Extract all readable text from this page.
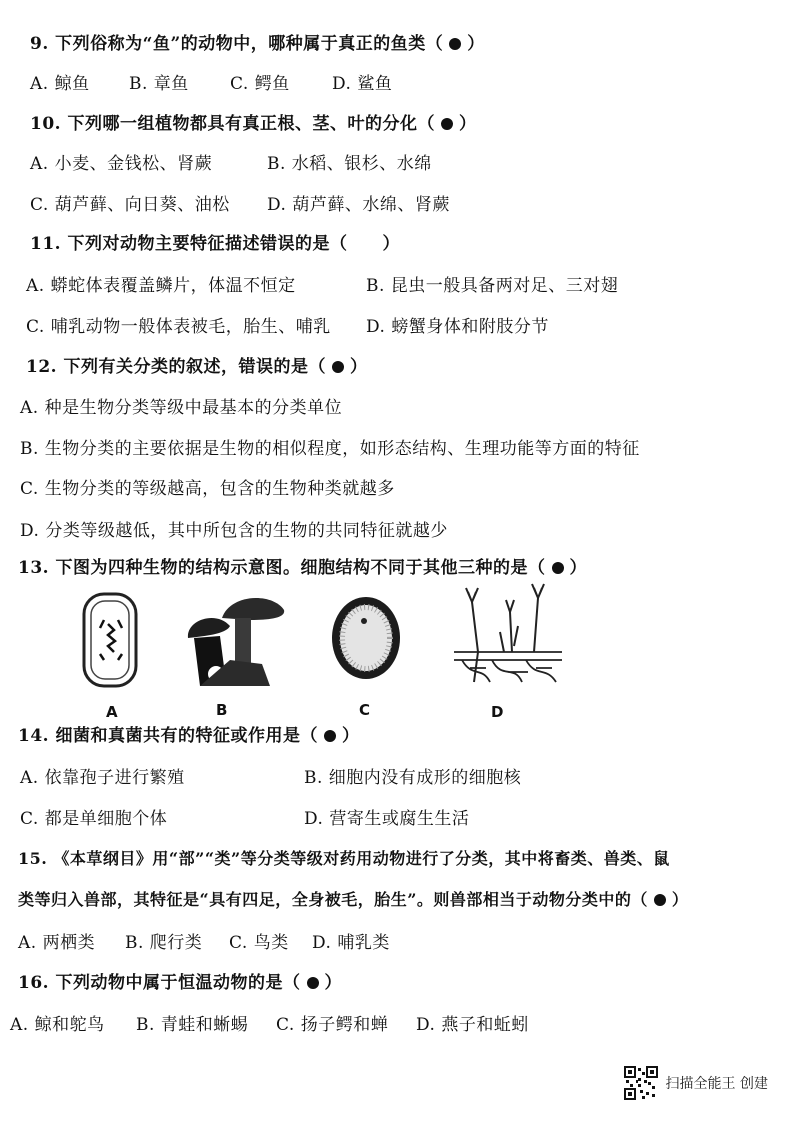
9. 下列俗称为“鱼”的动物中，哪种属于真正的鱼类（ ）
A. 鲸鱼 B. 章鱼 C. 鳄鱼 D. 鲨鱼
10. 下列哪一组植物都具有真正根、茎、叶的分化（ ）
A. 小麦、金钱松、肾蕨	B. 水稻、银杉、水绵
C. 葫芦藓、向日葵、油松 D. 葫芦藓、水绵、肾蕨
11. 下列对动物主要特征描述错误的是（　　）
A. 蟒蛇体表覆盖鳞片，体温不恒定	B. 昆虫一般具备两对足、三对翅
C. 哺乳动物一般体表被毛，胎生、哺乳 D. 螃蟹身体和附肢分节
12. 下列有关分类的叙述，错误的是（ ）
A. 种是生物分类等级中最基本的分类单位
B. 生物分类的主要依据是生物的相似程度，如形态结构、生理功能等方面的特征
C. 生物分类的等级越高，包含的生物种类就越多
D. 分类等级越低，其中所包含的生物的共同特征就越少
13. 下图为四种生物的结构示意图。细胞结构不同于其他三种的是（ ）
A	B	C	D
14. 细菌和真菌共有的特征或作用是（ ）
A. 依靠孢子进行繁殖	B. 细胞内没有成形的细胞核
C. 都是单细胞个体	D. 营寄生或腐生生活
15. 《本草纲目》用“部”“类”等分类等级对药用动物进行了分类，其中将畜类、兽类、鼠
类等归入兽部，其特征是“具有四足，全身被毛，胎生”。则兽部相当于动物分类中的（ ）
A. 两栖类 B. 爬行类 C. 鸟类 D. 哺乳类
16. 下列动物中属于恒温动物的是（ ）
A. 鲸和鸵鸟 B. 青蛙和蜥蜴 C. 扬子鳄和蝉 D. 燕子和蚯蚓
扫描全能王 创建
